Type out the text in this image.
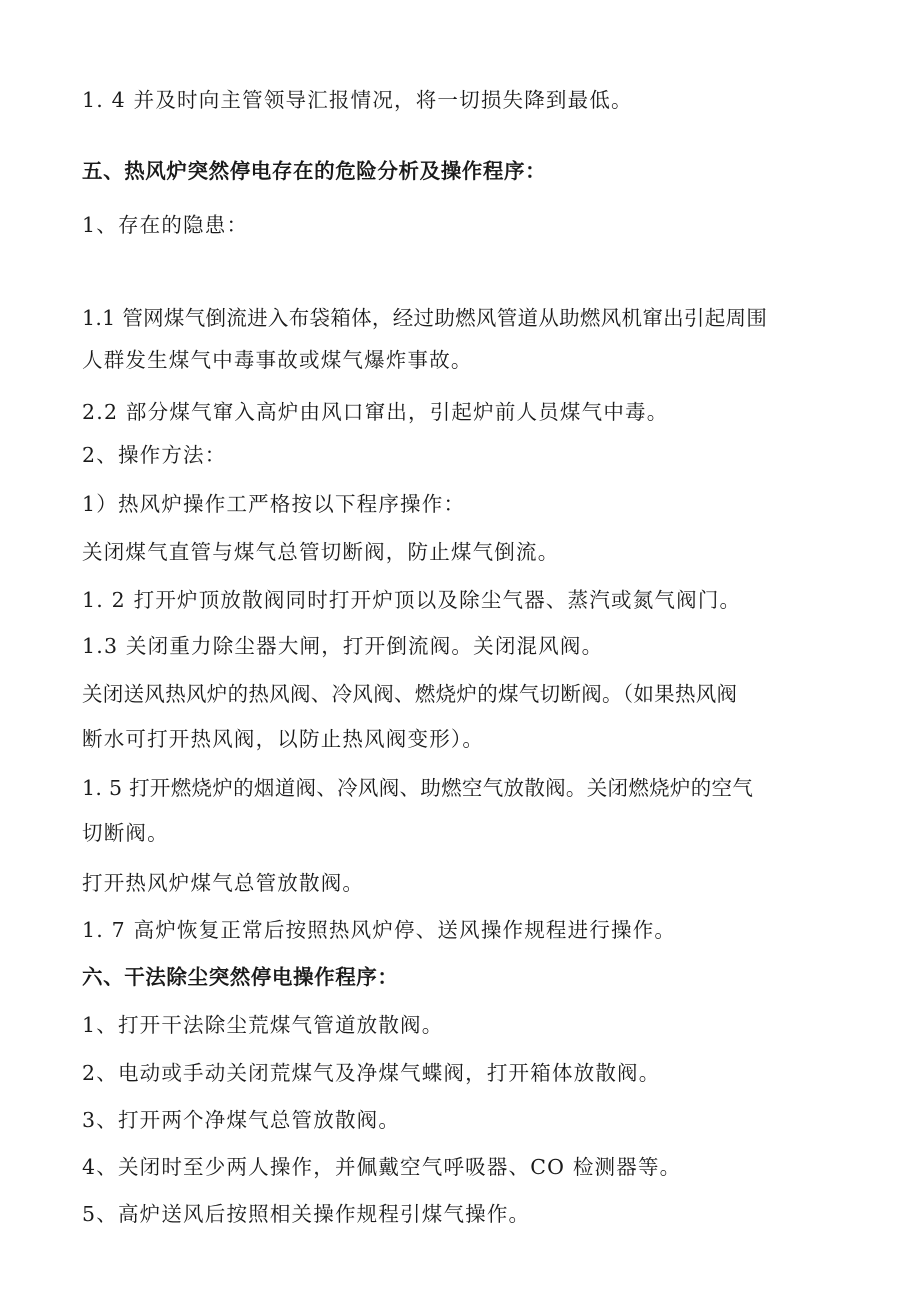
1. 4 并及时向主管领导汇报情况，将一切损失降到最低。
五、热风炉突然停电存在的危险分析及操作程序：
1、存在的隐患：
1.1 管网煤气倒流进入布袋箱体，经过助燃风管道从助燃风机窜出引起周围
人群发生煤气中毒事故或煤气爆炸事故。
2.2 部分煤气窜入高炉由风口窜出，引起炉前人员煤气中毒。
2、操作方法：
1）热风炉操作工严格按以下程序操作：
关闭煤气直管与煤气总管切断阀，防止煤气倒流。
1. 2 打开炉顶放散阀同时打开炉顶以及除尘气器、蒸汽或氮气阀门。
1.3 关闭重力除尘器大闸，打开倒流阀。关闭混风阀。
关闭送风热风炉的热风阀、冷风阀、燃烧炉的煤气切断阀。（如果热风阀
断水可打开热风阀，以防止热风阀变形）。
1. 5 打开燃烧炉的烟道阀、冷风阀、助燃空气放散阀。关闭燃烧炉的空气
切断阀。
打开热风炉煤气总管放散阀。
1. 7 高炉恢复正常后按照热风炉停、送风操作规程进行操作。
六、干法除尘突然停电操作程序：
1、打开干法除尘荒煤气管道放散阀。
2、电动或手动关闭荒煤气及净煤气蝶阀，打开箱体放散阀。
3、打开两个净煤气总管放散阀。
4、关闭时至少两人操作，并佩戴空气呼吸器、CO 检测器等。
5、高炉送风后按照相关操作规程引煤气操作。
